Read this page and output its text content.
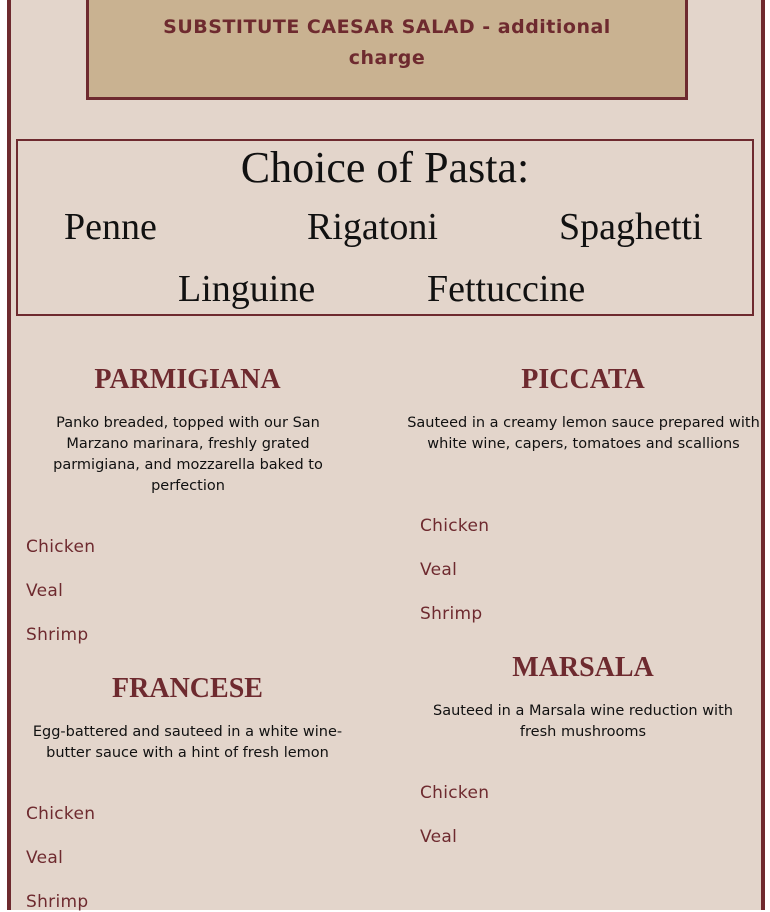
SUBSTITUTE CAESAR SALAD - additional charge
Choice of Pasta:
Penne	Rigatoni	Spaghetti
Linguine	Fettuccine
PARMIGIANA
Panko breaded, topped with our San Marzano marinara, freshly grated parmigiana, and mozzarella baked to perfection
Chicken
Veal
Shrimp
PICCATA
Sauteed in a creamy lemon sauce prepared with white wine, capers, tomatoes and scallions
Chicken
Veal
Shrimp
FRANCESE
Egg-battered and sauteed in a white wine-butter sauce with a hint of fresh lemon
Chicken
Veal
Shrimp
MARSALA
Sauteed in a Marsala wine reduction with fresh mushrooms
Chicken
Veal
